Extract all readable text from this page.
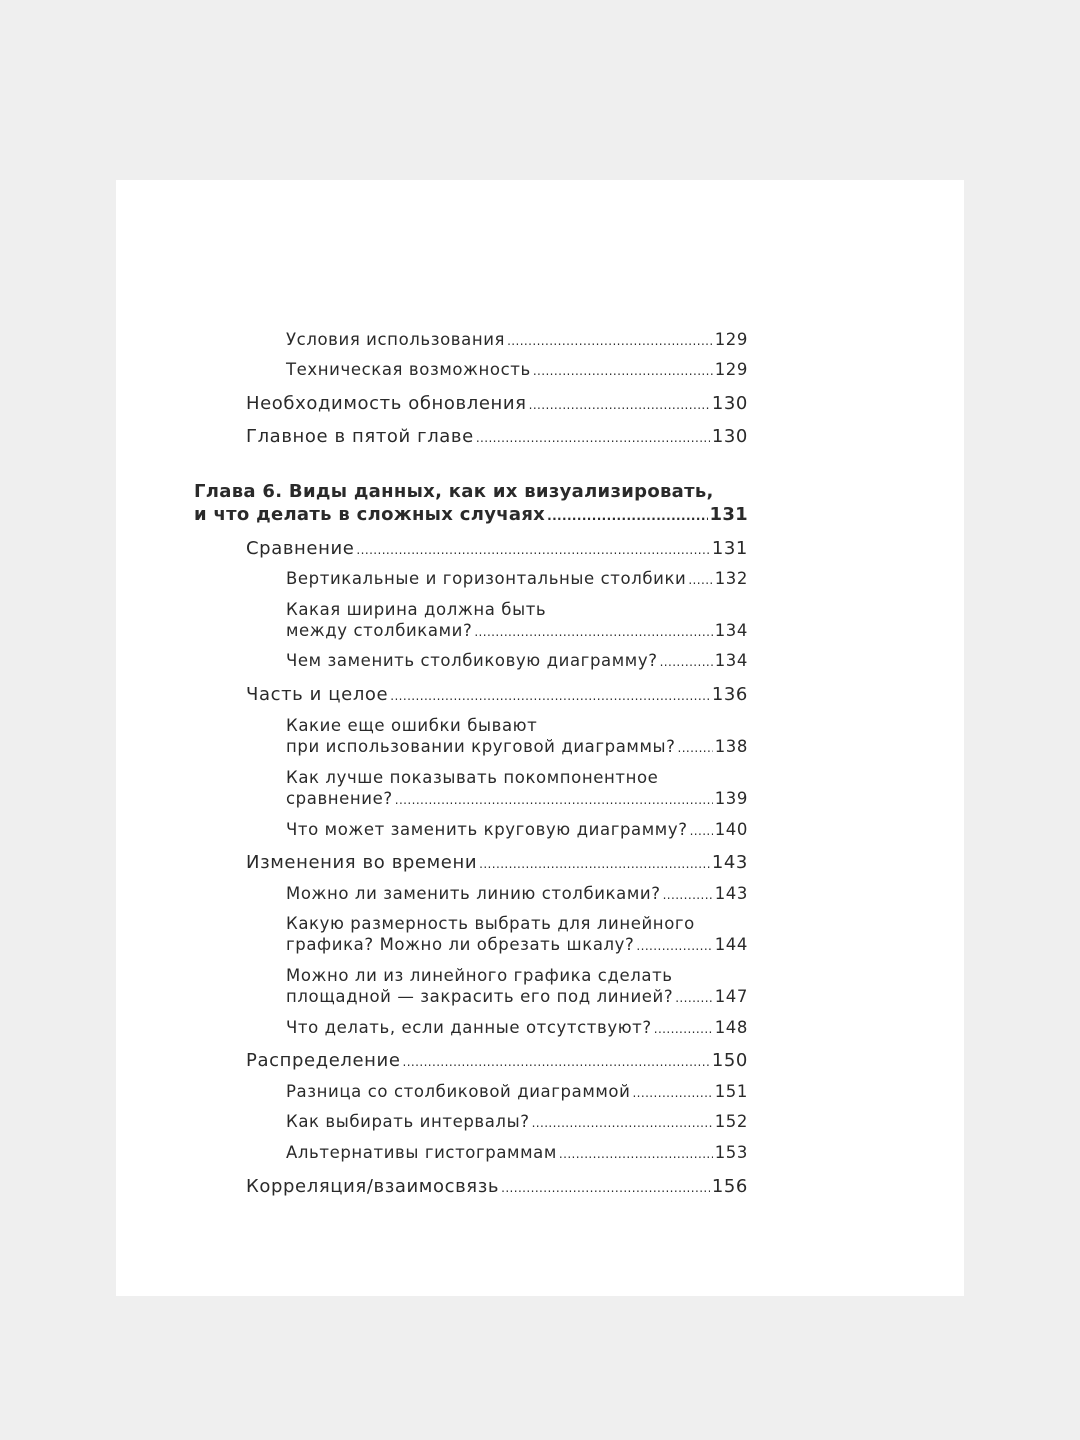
Условия использования .....	129
Техническая возможность .....	129
Необходимость обновления .....	130
Главное в пятой главе .....	130
Глава 6. Виды данных, как их визуализировать,
и что делать в сложных случаях .....	131
Сравнение .....	131
Вертикальные и горизонтальные столбики ..... 132
Какая ширина должна быть
между столбиками? .....	134
Чем заменить столбиковую диаграмму? .....	134
Часть и целое .....	136
Какие еще ошибки бывают
при использовании круговой диаграммы? ..... 138
Как лучше показывать покомпонентное
сравнение? .....	139
Что может заменить круговую диаграмму? ..... 140
Изменения во времени .....	143
Можно ли заменить линию столбиками? .....	143
Какую размерность выбрать для линейного
графика? Можно ли обрезать шкалу? .....	144
Можно ли из линейного графика сделать
площадной — закрасить его под линией? .....	147
Что делать, если данные отсутствуют? .....	148
Распределение .....	150
Разница со столбиковой диаграммой .....	151
Как выбирать интервалы? .....	152
Альтернативы гистограммам .....	153
Корреляция/взаимосвязь .....	156
